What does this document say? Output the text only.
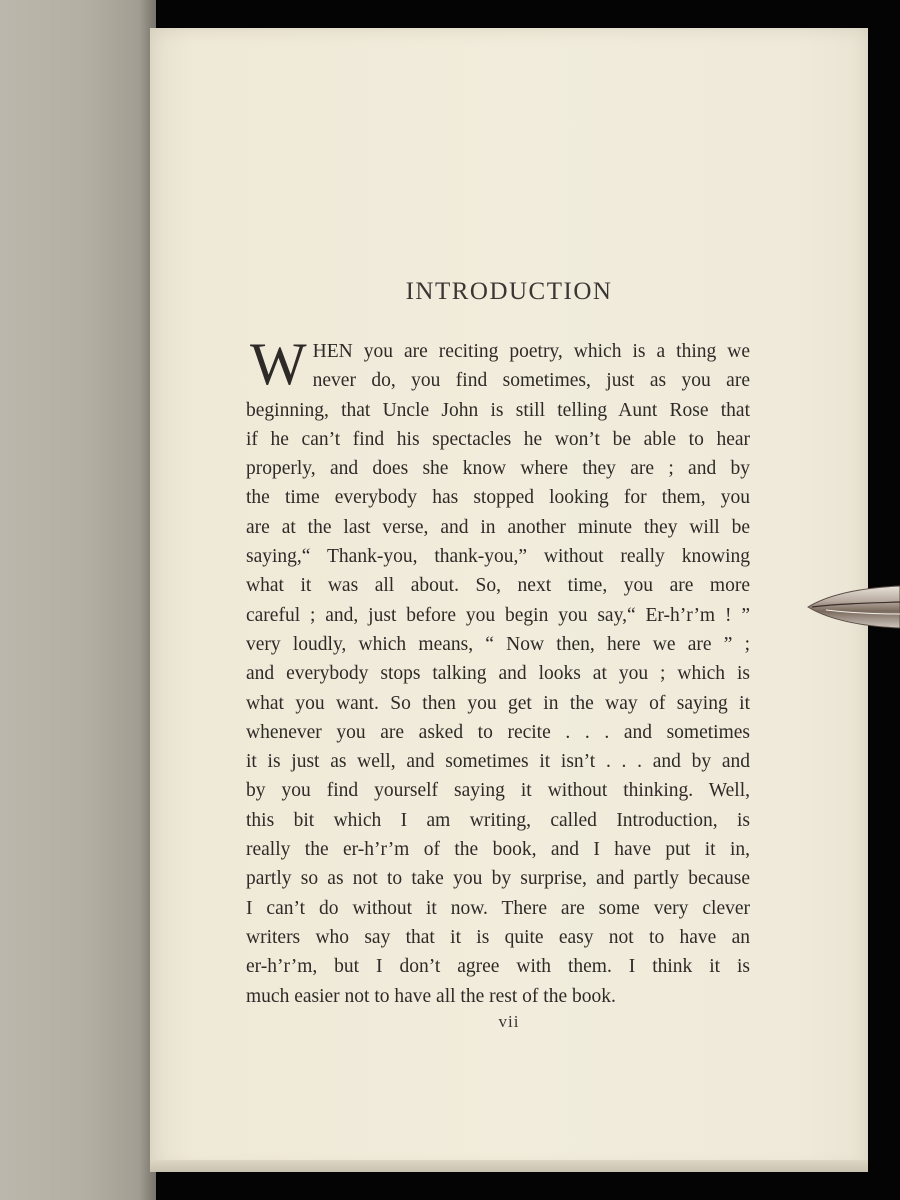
INTRODUCTION
W HEN you are reciting poetry, which is a thing we
never do, you find sometimes, just as you are
beginning, that Uncle John is still telling Aunt Rose that
if he can’t find his spectacles he won’t be able to hear
properly, and does she know where they are ; and by
the time everybody has stopped looking for them, you
are at the last verse, and in another minute they will be
saying,“ Thank-you, thank-you,” without really knowing
what it was all about. So, next time, you are more
careful ; and, just before you begin you say,“ Er-h’r’m ! ”
very loudly, which means, “ Now then, here we are ” ;
and everybody stops talking and looks at you ; which is
what you want. So then you get in the way of saying it
whenever you are asked to recite . . . and sometimes
it is just as well, and sometimes it isn’t . . . and by and
by you find yourself saying it without thinking. Well,
this bit which I am writing, called Introduction, is
really the er-h’r’m of the book, and I have put it in,
partly so as not to take you by surprise, and partly because
I can’t do without it now. There are some very clever
writers who say that it is quite easy not to have an
er-h’r’m, but I don’t agree with them. I think it is
much easier not to have all the rest of the book.
vii
